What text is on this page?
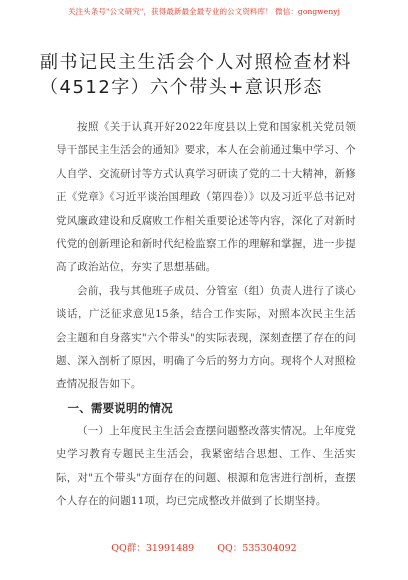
关注头条号"公文研究"，获得最新最全最专业的公文资料库！ 微信：gongwenyj
副书记民主生活会个人对照检查材料（4512字）六个带头+意识形态

按照《关于认真开好2022年度县以上党和国家机关党员领导干部民主生活会的通知》要求，本人在会前通过集中学习、个人自学、交流研讨等方式认真学习研读了党的二十大精神，新修正《党章》《习近平谈治国理政（第四卷）》以及习近平总书记对党风廉政建设和反腐败工作相关重要论述等内容，深化了对新时代党的创新理论和新时代纪检监察工作的理解和掌握，进一步提高了政治站位，夯实了思想基础。

会前，我与其他班子成员、分管室（组）负责人进行了谈心谈话，广泛征求意见15条，结合工作实际，对照本次民主生活会主题和自身落实"六个带头"的实际表现，深刻查摆了存在的问题、深入剖析了原因，明确了今后的努力方向。现将个人对照检查情况报告如下。

一、需要说明的情况

（一）上年度民主生活会查摆问题整改落实情况。上年度党史学习教育专题民主生活会，我紧密结合思想、工作、生活实际，对"五个带头"方面存在的问题、根源和危害进行剖析，查摆个人存在的问题11项，均已完成整改并做到了长期坚持。

QQ群：31991489 QQ：535304092
